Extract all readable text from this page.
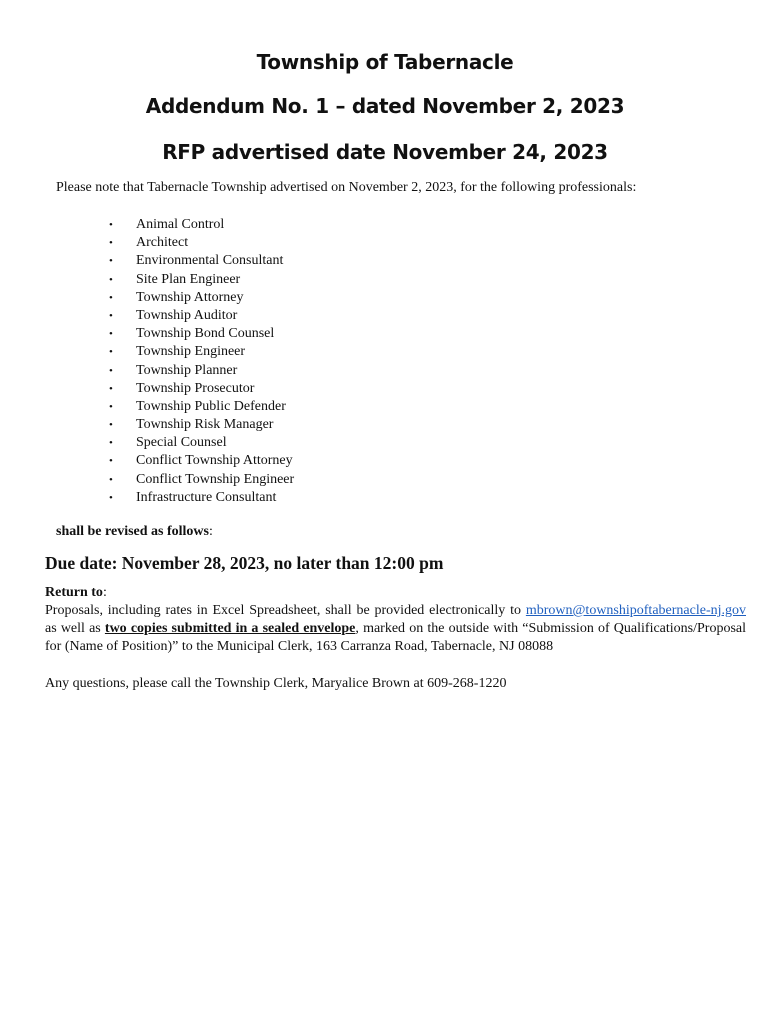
Township of Tabernacle
Addendum No. 1 – dated November 2, 2023
RFP advertised date November 24, 2023
Please note that Tabernacle Township advertised on November 2, 2023, for the following professionals:
• Animal Control
• Architect
• Environmental Consultant
• Site Plan Engineer
• Township Attorney
• Township Auditor
• Township Bond Counsel
• Township Engineer
• Township Planner
• Township Prosecutor
• Township Public Defender
• Township Risk Manager
• Special Counsel
• Conflict Township Attorney
• Conflict Township Engineer
• Infrastructure Consultant
shall be revised as follows:
Due date: November 28, 2023, no later than 12:00 pm
Return to:
Proposals, including rates in Excel Spreadsheet, shall be provided electronically to mbrown@townshipoftabernacle-nj.gov as well as two copies submitted in a sealed envelope, marked on the outside with “Submission of Qualifications/Proposal for (Name of Position)” to the Municipal Clerk, 163 Carranza Road, Tabernacle, NJ 08088
Any questions, please call the Township Clerk, Maryalice Brown at 609-268-1220
